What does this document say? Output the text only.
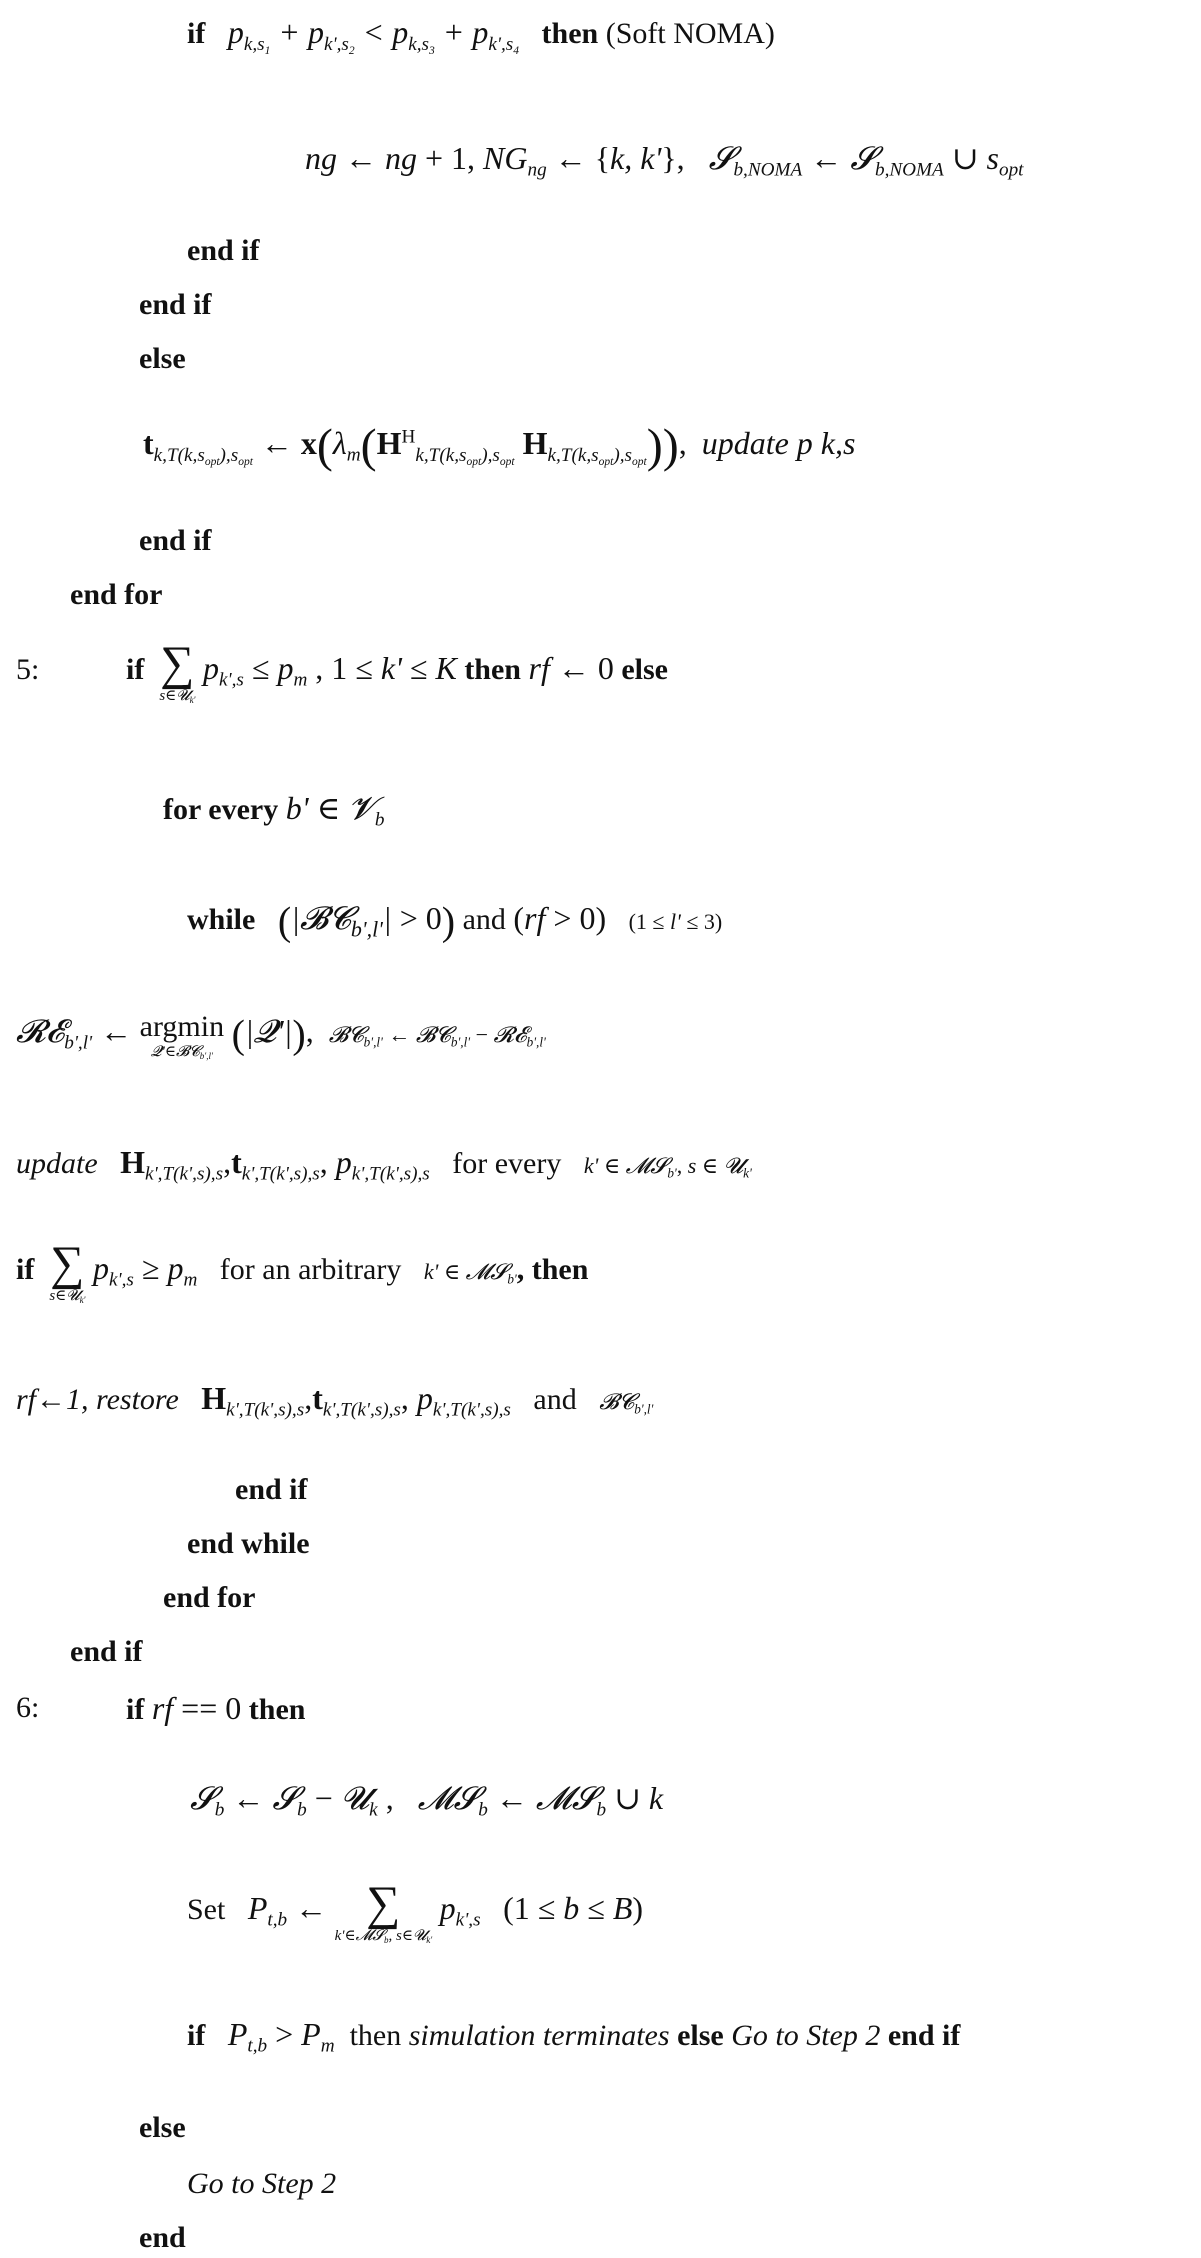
if $p_{k,s_1} + p_{k',s_2} < p_{k,s_3} + p_{k',s_4}$   then (Soft NOMA)
ng ← ng + 1, $NG_{ng}$ ← {k, k'},   𝓢$_{b,NOMA}$ ← 𝓢$_{b,NOMA}$ ∪ $s_{opt}$
end if
end if
else
$t_{k,T(k,s_{opt}),s_{opt}}$ ← $x(\lambda_m(H^H_{k,T(k,s_{opt}),s_{opt}}$ $H_{k,T(k,s_{opt}),s_{opt}}$)), update p k,s
end if
end for
5:	if ∑
s∈𝓤$_{k'}$
$p_{k',s} \le p_m$ , 1 ≤ k' ≤ K then rf ← 0 else
for every b' ∈ 𝓥$_b$
while (|𝓑𝓒$_{b',l'}$| > 0) and (rf > 0) (1 ≤ l' ≤ 3)
𝓡𝓔$_{b',l'}$ ← argmin
𝓠'∈𝓑𝓒$_{b',l'}$ (|𝓠'|), 𝓑𝓒$_{b',l'}$ ← 𝓑𝓒$_{b',l'}$ − 𝓡𝓔$_{b',l'}$
update $H_{k',T(k',s),s},t_{k',T(k',s),s}$, $p_{k',T(k',s),s}$ for every k' ∈ 𝓜𝓢$_{b'}$, s ∈ 𝓤$_{k'}$
if ∑
s∈𝓤$_{k'}$
$p_{k',s} \ge p_m$ for an arbitrary k' ∈ 𝓜𝓢$_{b'}$, then
rf←1, restore $H_{k',T(k',s),s},t_{k',T(k',s),s}$, $p_{k',T(k',s),s}$ and 𝓑𝓒$_{b',l'}$
end if
end while
end for
end if
6:	if rf == 0 then
𝓢$_b$ ← 𝓢$_b$ − 𝓤$_k$ ,   𝓜𝓢$_b$ ← 𝓜𝓢$_b$ ∪ k
Set $P_{t,b}$ ← ∑
k'∈𝓜𝓢$_b$, s∈𝓤$_{k'}$
$p_{k',s}$ (1 ≤ b ≤ B)
if $P_{t,b} > P_m$ then simulation terminates else Go to Step 2 end if
else
Go to Step 2
end
